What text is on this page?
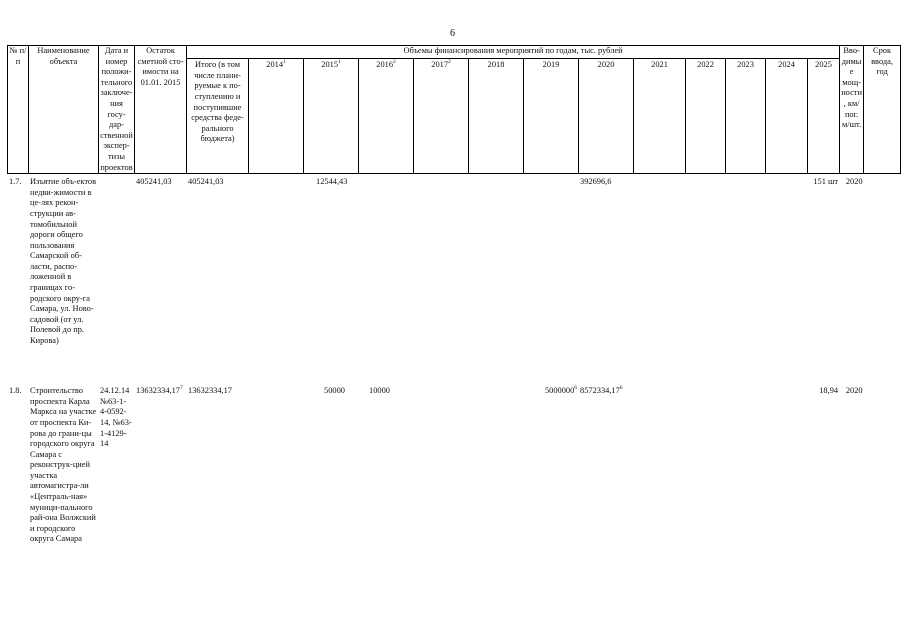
6
№ п/п	Наименование объекта	Дата и номер положи-тельного заключе-ния госу-дар-ственной экспер-тизы проектов	Остаток сметной сто-имости на 01.01. 2015	Объемы финансирования мероприятий по годам, тыс. рублей													Вво-димые мощ-ности, км/ пог. м/шт.	Срок ввода, год
				Итого (в том числе плани-руемые к по-ступлению и поступившие средства феде-рального бюджета)	2014$^1$	2015$^1$	2016$^2$	2017$^2$	2018	2019	2020	2021	2022	2023	2024	2025		
1.7.	Изъятие объ-ектов недви-жимости в це-лях рекон-струкции ав-томобильной дороги общего пользования Самарской об-ласти, распо-ложенной в границах го-родского окру-га Самара, ул. Ново-садовой (от ул. Полевой до пр. Кирова)		405241,03	405241,03		12544,43					392696,6					151 шт	2020	
1.8.	Строительство проспекта Карла Маркса на участке от проспекта Ки-рова до грани-цы городского округа Самара с реконструк-цией участка автомагистра-ли «Централь-ная» муници-пального рай-она Волжский и городского округа Самара	24.12.14 №63-1-4-0592-14, №63-1-4129-14	13632334,17$^7$	13632334,17		50000	10000			5000000$^6$	8572334,17$^6$					18,94	2020	
